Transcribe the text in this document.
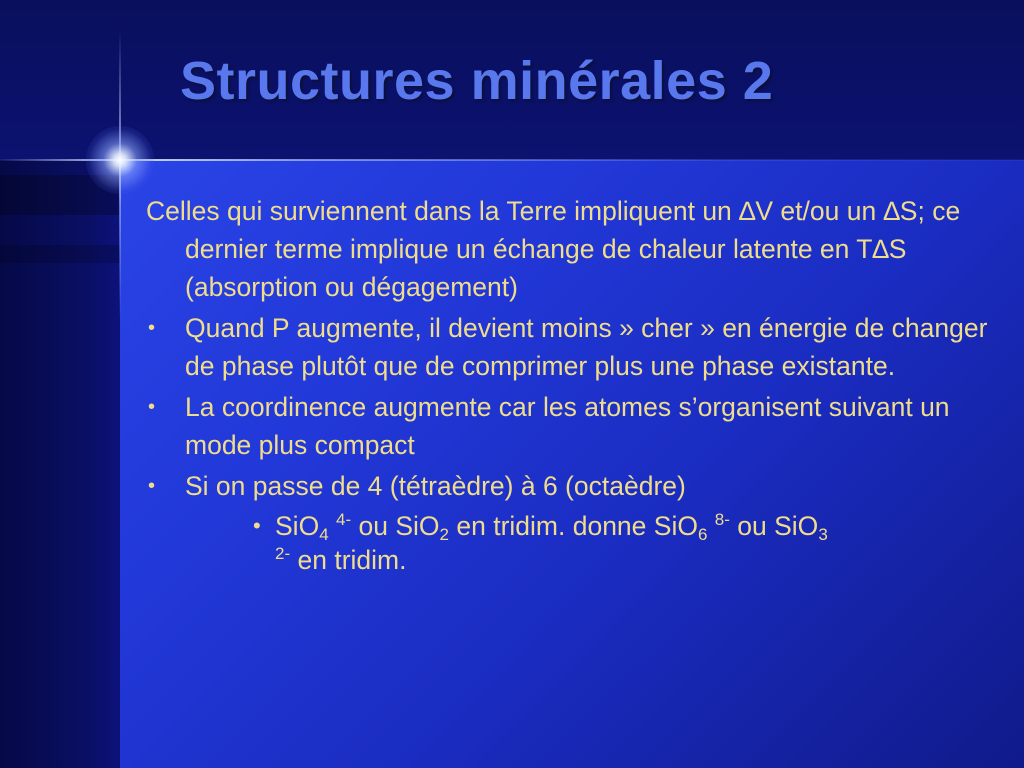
Structures minérales 2

Celles qui surviennent dans la Terre impliquent un ∆V et/ou un ∆S; ce dernier terme implique un échange de chaleur latente en T∆S (absorption ou dégagement)

• Quand P augmente, il devient moins » cher » en énergie de changer de phase plutôt que de comprimer plus une phase existante.

• La coordinence augmente car les atomes s’organisent suivant un mode plus compact

• Si on passe de 4 (tétraèdre) à 6 (octaèdre)

• SiO$_4$ $^{4-}$ ou SiO$_2$ en tridim. donne SiO$_6$ $^{8-}$ ou SiO$_3$
$^{2-}$ en tridim.
